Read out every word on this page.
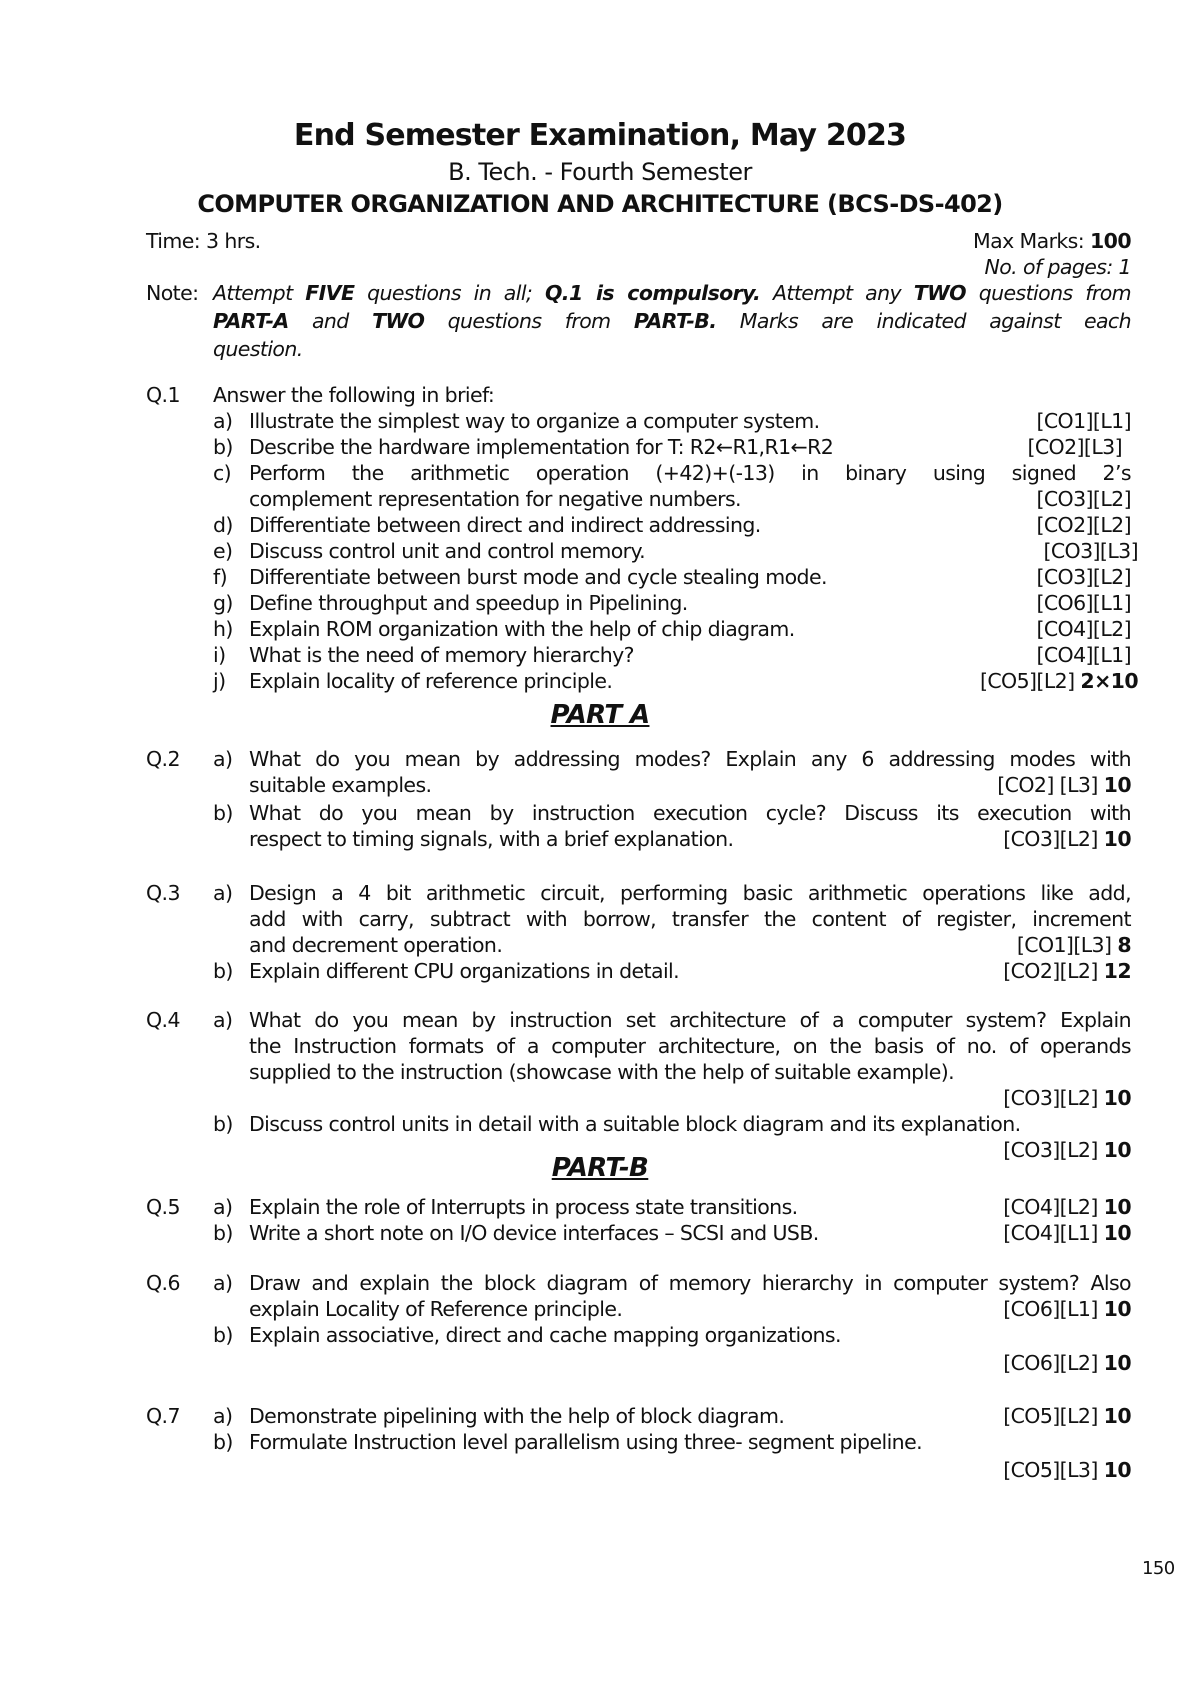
End Semester Examination, May 2023
B. Tech. - Fourth Semester
COMPUTER ORGANIZATION AND ARCHITECTURE (BCS-DS-402)
Time: 3 hrs.	Max Marks: 100
No. of pages: 1
Note: Attempt FIVE questions in all; Q.1 is compulsory. Attempt any TWO questions from
PART-A and TWO questions from PART-B. Marks are indicated against each
question.
Q.1 Answer the following in brief:
a) Illustrate the simplest way to organize a computer system.	[CO1][L1]
b) Describe the hardware implementation for T: R2←R1,R1←R2	[CO2][L3]
c) Perform the arithmetic operation (+42)+(-13) in binary using signed 2’s
complement representation for negative numbers.	[CO3][L2]
d) Differentiate between direct and indirect addressing.	[CO2][L2]
e) Discuss control unit and control memory.	[CO3][L3]
f) Differentiate between burst mode and cycle stealing mode.	[CO3][L2]
g) Define throughput and speedup in Pipelining.	[CO6][L1]
h) Explain ROM organization with the help of chip diagram.	[CO4][L2]
i) What is the need of memory hierarchy?	[CO4][L1]
j) Explain locality of reference principle.	[CO5][L2] 2×10
PART A
Q.2 a) What do you mean by addressing modes? Explain any 6 addressing modes with
suitable examples.	[CO2] [L3] 10
b) What do you mean by instruction execution cycle? Discuss its execution with
respect to timing signals, with a brief explanation.	[CO3][L2] 10
Q.3 a) Design a 4 bit arithmetic circuit, performing basic arithmetic operations like add,
add with carry, subtract with borrow, transfer the content of register, increment
and decrement operation.	[CO1][L3] 8
b) Explain different CPU organizations in detail.	[CO2][L2] 12
Q.4 a) What do you mean by instruction set architecture of a computer system? Explain
the Instruction formats of a computer architecture, on the basis of no. of operands
supplied to the instruction (showcase with the help of suitable example).
[CO3][L2] 10
b) Discuss control units in detail with a suitable block diagram and its explanation.
[CO3][L2] 10
PART-B
Q.5 a) Explain the role of Interrupts in process state transitions.	[CO4][L2] 10
b) Write a short note on I/O device interfaces – SCSI and USB.	[CO4][L1] 10
Q.6 a) Draw and explain the block diagram of memory hierarchy in computer system? Also
explain Locality of Reference principle.	[CO6][L1] 10
b) Explain associative, direct and cache mapping organizations.
[CO6][L2] 10
Q.7 a) Demonstrate pipelining with the help of block diagram.	[CO5][L2] 10
b) Formulate Instruction level parallelism using three- segment pipeline.
[CO5][L3] 10
150
